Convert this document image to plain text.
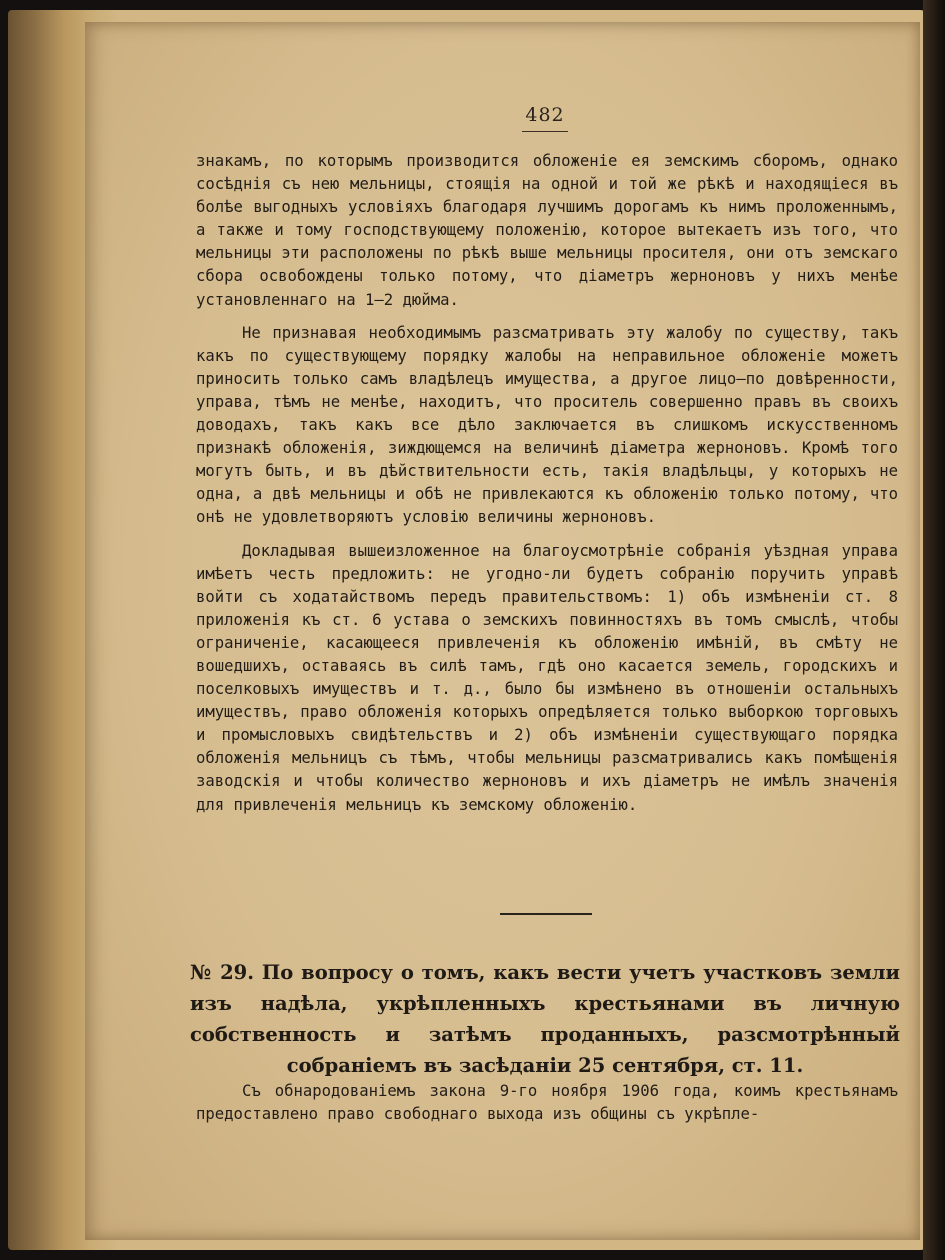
482

знакамъ, по которымъ производится обложенiе ея земскимъ сборомъ, однако сосѣднія съ нею мельницы, стоящія на одной и той же рѣкѣ и находящiеся въ болѣе выгодныхъ условiяхъ благодаря лучшимъ дорогамъ къ нимъ проложеннымъ, а также и тому господствующему положенiю, которое вытекаетъ изъ того, что мельницы эти расположены по рѣкѣ выше мельницы просителя, они отъ земскаго сбора освобождены только потому, что дiаметръ жерноновъ у нихъ менѣе установленнаго на 1—2 дюйма.

Не признавая необходимымъ разсматривать эту жалобу по существу, такъ какъ по существующему порядку жалобы на неправильное обложенiе можетъ приносить только самъ владѣлецъ имущества, а другое лицо—по довѣренности, управа, тѣмъ не менѣе, находитъ, что проситель совершенно правъ въ своихъ доводахъ, такъ какъ все дѣло заключается въ слишкомъ искусственномъ признакѣ обложенія, зиждющемся на величинѣ дiаметра жерноновъ. Кромѣ того могутъ быть, и въ дѣйствительности есть, такiя владѣльцы, у которыхъ не одна, а двѣ мельницы и обѣ не привлекаются къ обложенiю только потому, что онѣ не удовлетворяютъ условiю величины жерноновъ.

Докладывая вышеизложенное на благоусмотрѣнiе собранія уѣздная управа имѣетъ честь предложить: не угодно-ли будетъ собранiю поручить управѣ войти съ ходатайствомъ передъ правительствомъ: 1) объ измѣненiи ст. 8 приложенія къ ст. 6 устава о земскихъ повинностяхъ въ томъ смыслѣ, чтобы ограниченiе, касающееся привлеченія къ обложенiю имѣнiй, въ смѣту не вошедшихъ, оставаясь въ силѣ тамъ, гдѣ оно касается земель, городскихъ и поселковыхъ имуществъ и т. д., было бы измѣнено въ отношенiи остальныхъ имуществъ, право обложенія которыхъ опредѣляется только выборкою торговыхъ и промысловыхъ свидѣтельствъ и 2) объ измѣненiи существующаго порядка обложенія мельницъ съ тѣмъ, чтобы мельницы разсматривались какъ помѣщенія заводскія и чтобы количество жерноновъ и ихъ дiаметръ не имѣлъ значенія для привлеченія мельницъ къ земскому обложенiю.

№ 29. По вопросу о томъ, какъ вести учетъ участковъ земли изъ надѣла, укрѣпленныхъ крестьянами въ личную собственность и затѣмъ проданныхъ, разсмотрѣнный собранiемъ въ засѣданiи 25 сентября, ст. 11.
Съ обнародованiемъ закона 9-го ноября 1906 года, коимъ крестьянамъ предоставлено право свободнаго выхода изъ общины съ укрѣпле-
